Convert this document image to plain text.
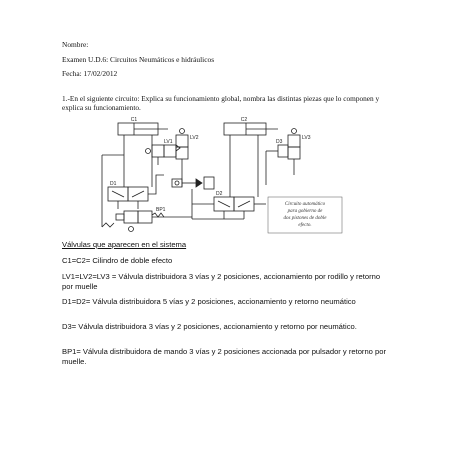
Nombre:
Examen U.D.6: Circuitos Neumáticos e hidráulicos
Fecha: 17/02/2012
1.-En el siguiente circuito: Explica su funcionamiento global, nombra las distintas piezas que lo componen y explica su funcionamiento.
C1	C2
LV1
LV2	LV3
D1
D2
D3
BP1
Circuito automático
para gobierno de
dos pistones de doble
efecto.
Válvulas que aparecen en el sistema
C1=C2= Cilindro de doble efecto
LV1=LV2=LV3 = Válvula distribuidora 3 vías y 2 posiciones, accionamiento por rodillo y retorno por muelle
D1=D2= Válvula distribuidora 5 vías y 2 posiciones, accionamiento y retorno neumático
D3= Válvula distribuidora 3 vías y 2 posiciones, accionamiento y retorno por neumático.
BP1= Válvula distribuidora de mando 3 vías y 2 posiciones accionada por pulsador y retorno por muelle.
